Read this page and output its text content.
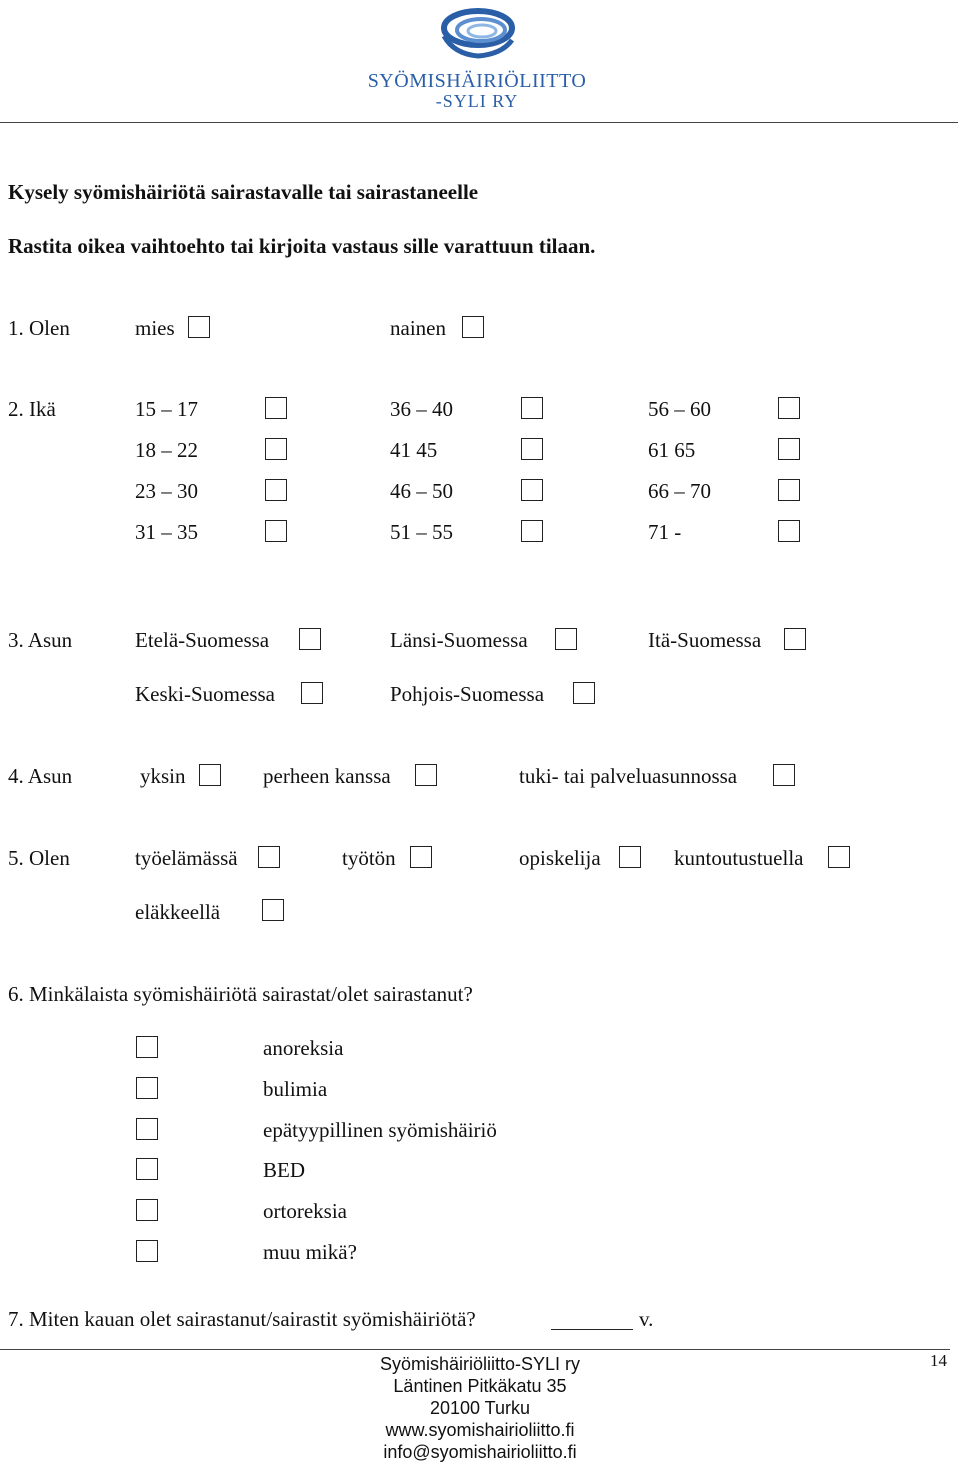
SYÖMISHÄIRIÖLIITTO
-SYLI RY
Kysely syömishäiriötä sairastavalle tai sairastaneelle
Rastita oikea vaihtoehto tai kirjoita vastaus sille varattuun tilaan.
1. Olen	mies	nainen
2. Ikä	15 – 17	36 – 40	56 – 60
18 – 22	41 45	61 65
23 – 30	46 – 50	66 – 70
31 – 35	51 – 55	71 -
3. Asun	Etelä-Suomessa	Länsi-Suomessa	Itä-Suomessa
Keski-Suomessa	Pohjois-Suomessa
4. Asun	yksin	perheen kanssa	tuki- tai palveluasunnossa
5. Olen	työelämässä	työtön	opiskelija	kuntoutustuella
eläkkeellä
6. Minkälaista syömishäiriötä sairastat/olet sairastanut?
anoreksia
bulimia
epätyypillinen syömishäiriö
BED
ortoreksia
muu mikä?
7. Miten kauan olet sairastanut/sairastit syömishäiriötä?	v.
Syömishäiriöliitto-SYLI ry
Läntinen Pitkäkatu 35
20100 Turku
www.syomishairioliitto.fi
info@syomishairioliitto.fi
14
